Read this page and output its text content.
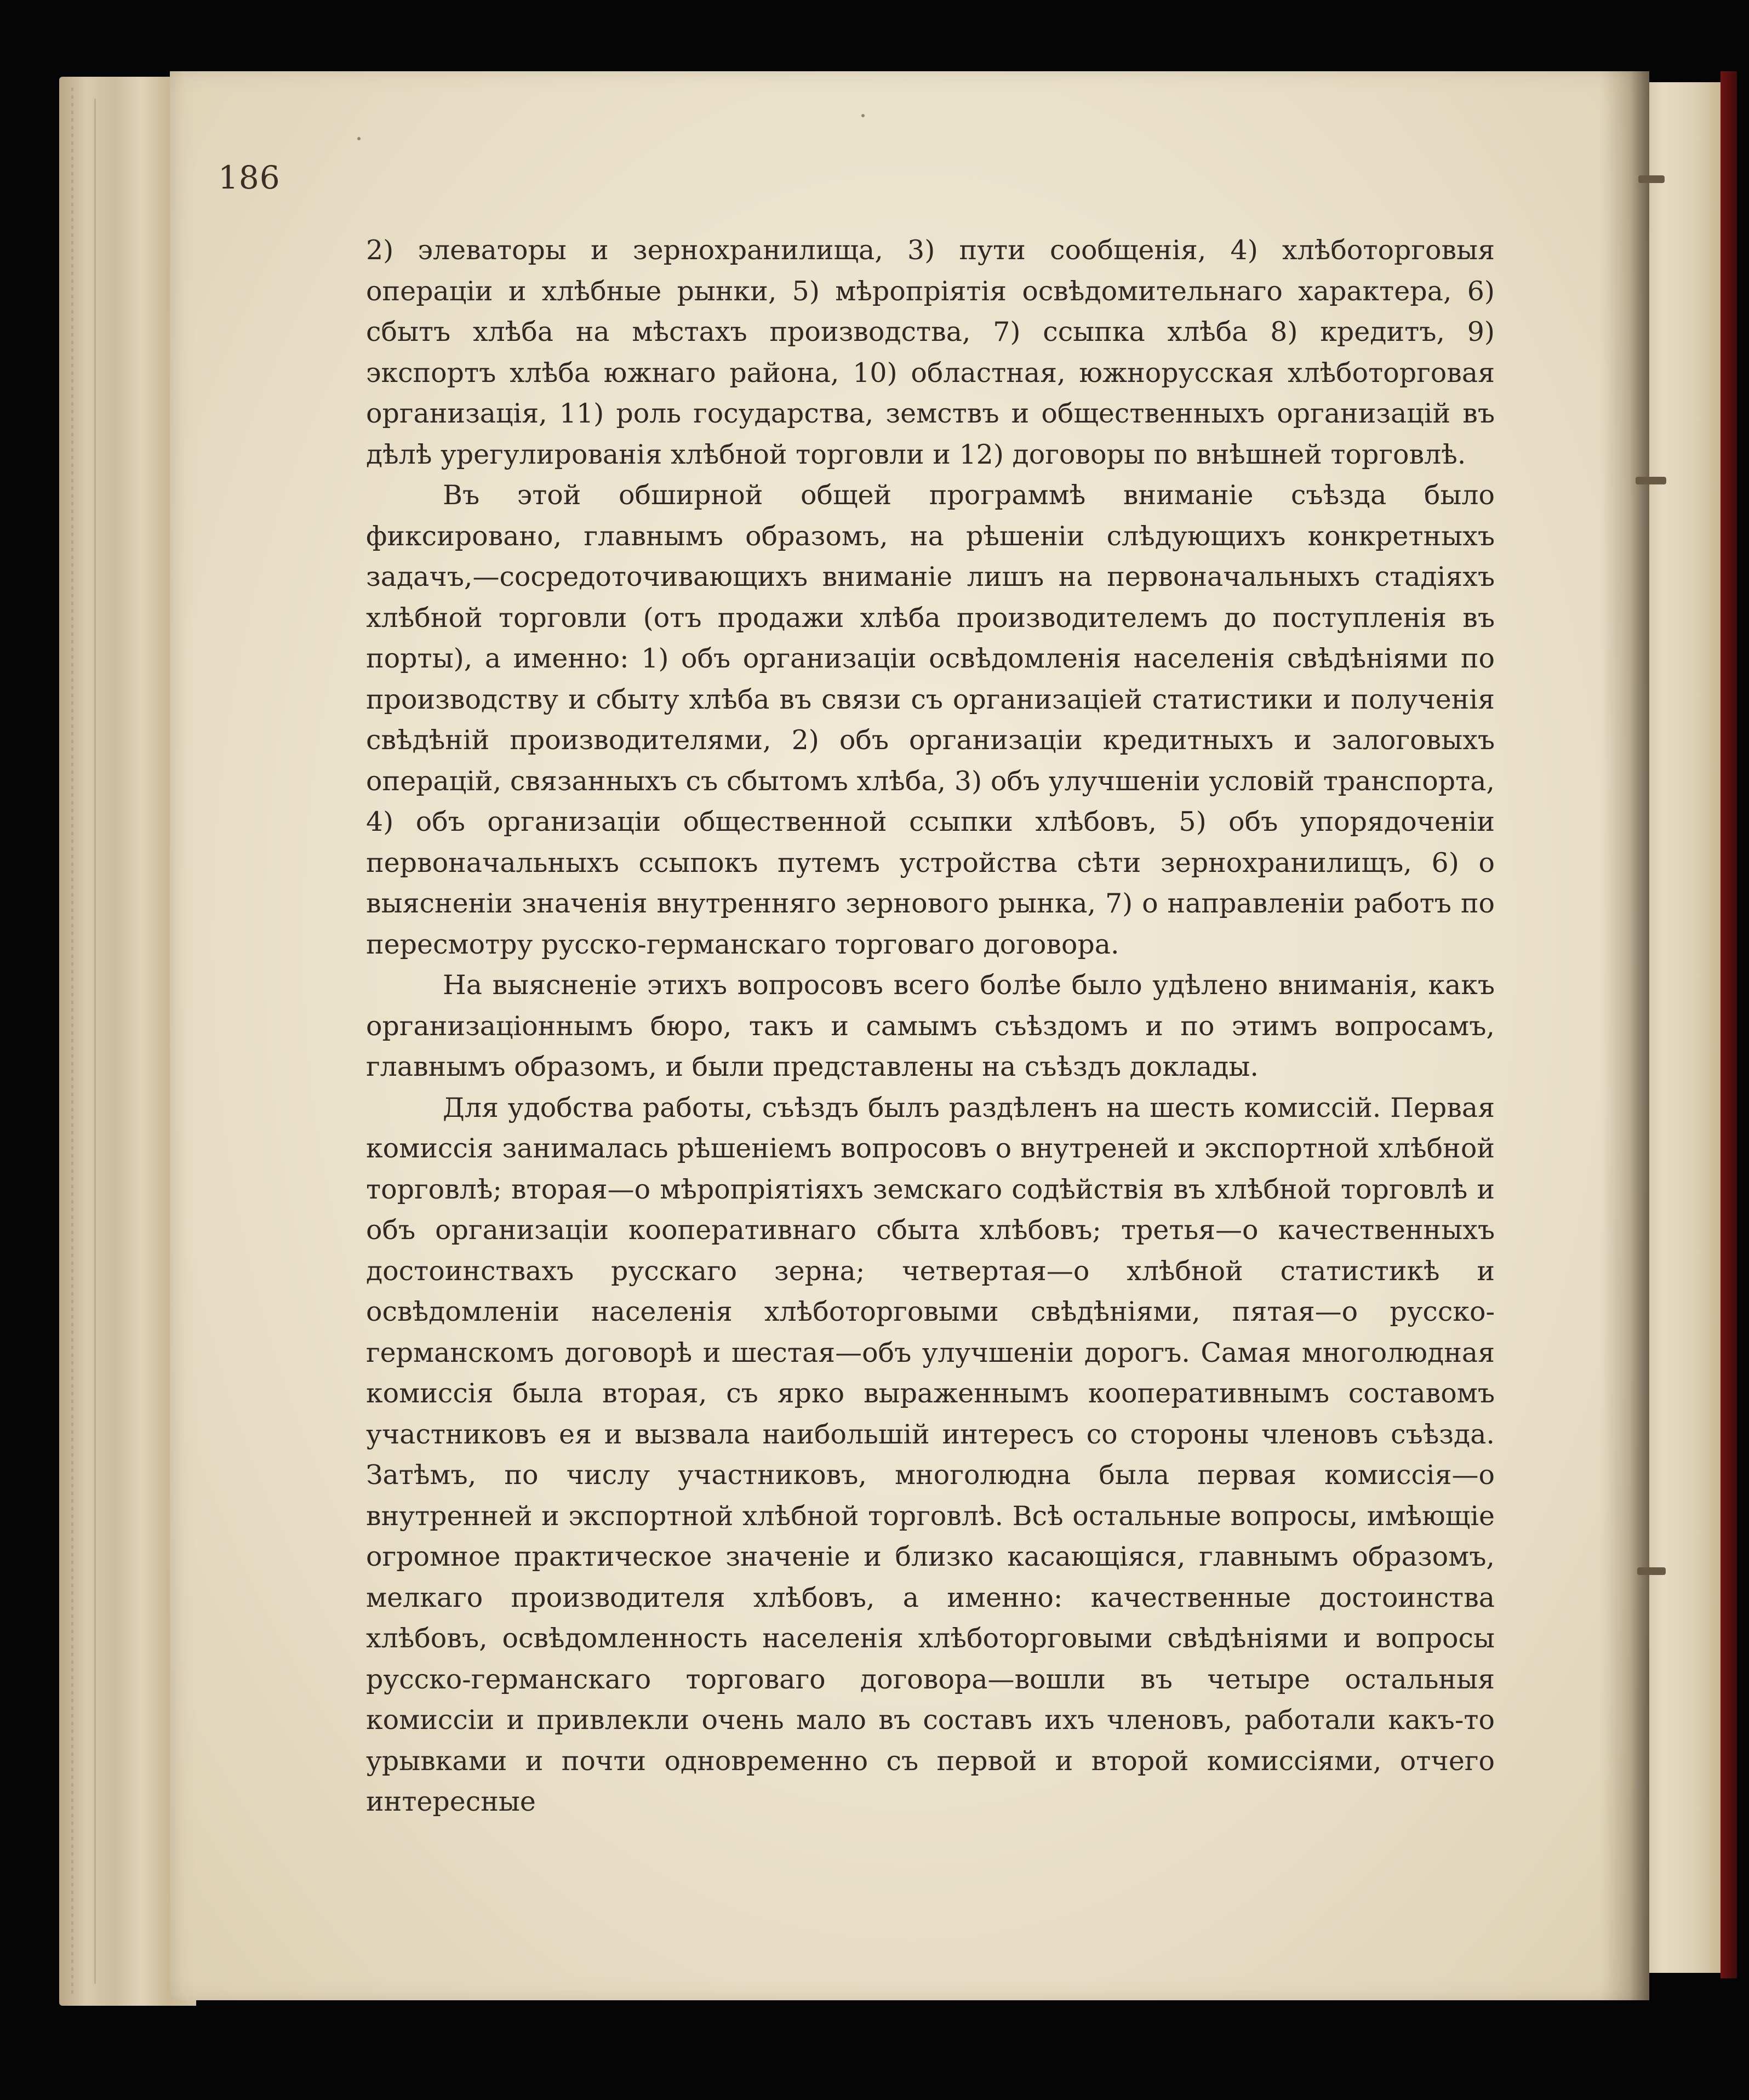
186

2) элеваторы и зернохранилища, 3) пути сообщенія, 4) хлѣботорговыя операціи и хлѣбные рынки, 5) мѣропріятія освѣдомительнаго характера, 6) сбытъ хлѣба на мѣстахъ производства, 7) ссыпка хлѣба 8) кредитъ, 9) экспортъ хлѣба южнаго района, 10) областная, южнорусская хлѣботорговая организація, 11) роль государства, земствъ и общественныхъ организацій въ дѣлѣ урегулированія хлѣбной торговли и 12) договоры по внѣшней торговлѣ.

Въ этой обширной общей программѣ вниманіе съѣзда было фиксировано, главнымъ образомъ, на рѣшеніи слѣдующихъ конкретныхъ задачъ,—сосредоточивающихъ вниманіе лишъ на первоначальныхъ стадіяхъ хлѣбной торговли (отъ продажи хлѣба производителемъ до поступленія въ порты), а именно: 1) объ организаціи освѣдомленія населенія свѣдѣніями по производству и сбыту хлѣба въ связи съ организаціей статистики и полученія свѣдѣній производителями, 2) объ организаціи кредитныхъ и залоговыхъ операцій, связанныхъ съ сбытомъ хлѣба, 3) объ улучшеніи условій транспорта, 4) объ организаціи общественной ссыпки хлѣбовъ, 5) объ упорядоченіи первоначальныхъ ссыпокъ путемъ устройства сѣти зернохранилищъ, 6) о выясненіи значенія внутренняго зернового рынка, 7) о направленіи работъ по пересмотру русско-германскаго торговаго договора.

На выясненіе этихъ вопросовъ всего болѣе было удѣлено вниманія, какъ организаціоннымъ бюро, такъ и самымъ съѣздомъ и по этимъ вопросамъ, главнымъ образомъ, и были представлены на съѣздъ доклады.

Для удобства работы, съѣздъ былъ раздѣленъ на шесть комиссій. Первая комиссія занималась рѣшеніемъ вопросовъ о внутреней и экспортной хлѣбной торговлѣ; вторая—о мѣропріятіяхъ земскаго содѣйствія въ хлѣбной торговлѣ и объ организаціи кооперативнаго сбыта хлѣбовъ; третья—о качественныхъ достоинствахъ русскаго зерна; четвертая—о хлѣбной статистикѣ и освѣдомленіи населенія хлѣботорговыми свѣдѣніями, пятая—о русско-германскомъ договорѣ и шестая—объ улучшеніи дорогъ. Самая многолюдная комиссія была вторая, съ ярко выраженнымъ кооперативнымъ составомъ участниковъ ея и вызвала наибольшій интересъ со стороны членовъ съѣзда. Затѣмъ, по числу участниковъ, многолюдна была первая комиссія—о внутренней и экспортной хлѣбной торговлѣ. Всѣ остальные вопросы, имѣющіе огромное практическое значеніе и близко касающіяся, главнымъ образомъ, мелкаго производителя хлѣбовъ, а именно: качественные достоинства хлѣбовъ, освѣдомленность населенія хлѣботорговыми свѣдѣніями и вопросы русско-германскаго торговаго договора—вошли въ четыре остальныя комиссіи и привлекли очень мало въ составъ ихъ членовъ, работали какъ-то урывками и почти одновременно съ первой и второй комиссіями, отчего интересные
